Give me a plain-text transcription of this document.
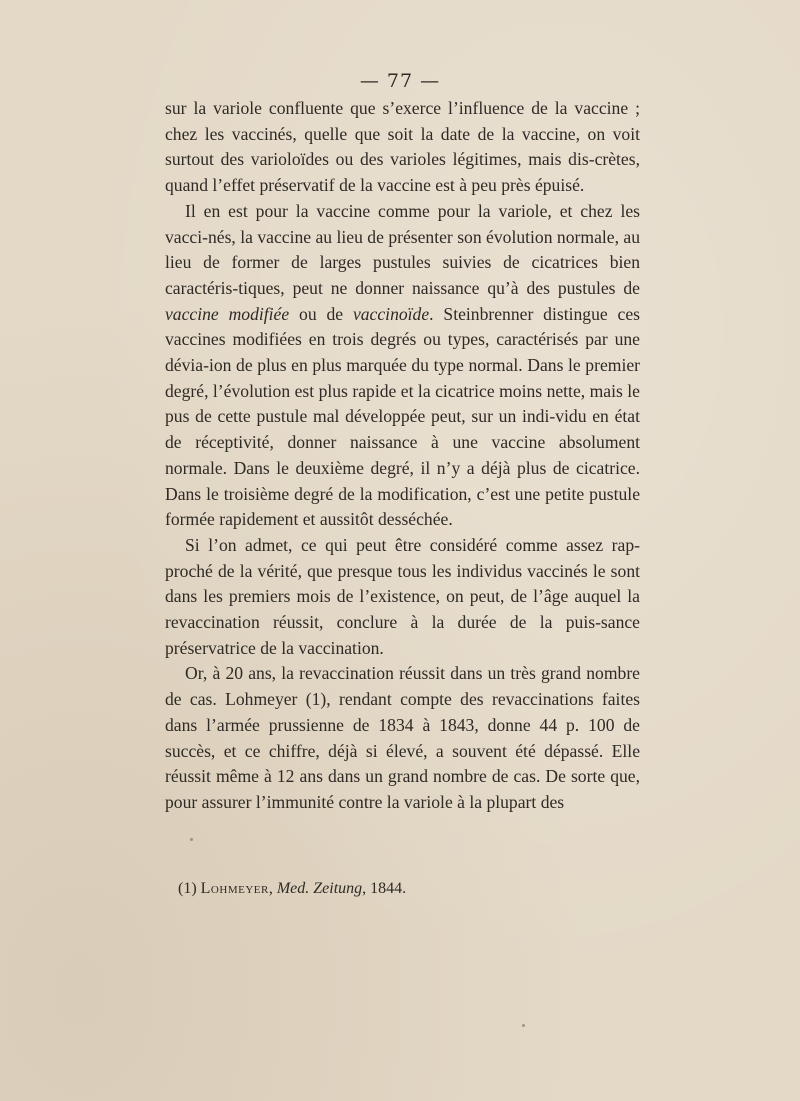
— 77 —

sur la variole confluente que s’exerce l’influence de la vaccine ; chez les vaccinés, quelle que soit la date de la vaccine, on voit surtout des varioloïdes ou des varioles légitimes, mais dis-crètes, quand l’effet préservatif de la vaccine est à peu près épuisé.

Il en est pour la vaccine comme pour la variole, et chez les vacci-nés, la vaccine au lieu de présenter son évolution normale, au lieu de former de larges pustules suivies de cicatrices bien caractéris-tiques, peut ne donner naissance qu’à des pustules de vaccine modifiée ou de vaccinoïde. Steinbrenner distingue ces vaccines modifiées en trois degrés ou types, caractérisés par une dévia-ion de plus en plus marquée du type normal. Dans le premier degré, l’évolution est plus rapide et la cicatrice moins nette, mais le pus de cette pustule mal développée peut, sur un indi-vidu en état de réceptivité, donner naissance à une vaccine absolument normale. Dans le deuxième degré, il n’y a déjà plus de cicatrice. Dans le troisième degré de la modification, c’est une petite pustule formée rapidement et aussitôt desséchée.

Si l’on admet, ce qui peut être considéré comme assez rap-proché de la vérité, que presque tous les individus vaccinés le sont dans les premiers mois de l’existence, on peut, de l’âge auquel la revaccination réussit, conclure à la durée de la puis-sance préservatrice de la vaccination.

Or, à 20 ans, la revaccination réussit dans un très grand nombre de cas. Lohmeyer (1), rendant compte des revaccinations faites dans l’armée prussienne de 1834 à 1843, donne 44 p. 100 de succès, et ce chiffre, déjà si élevé, a souvent été dépassé. Elle réussit même à 12 ans dans un grand nombre de cas. De sorte que, pour assurer l’immunité contre la variole à la plupart des

(1) Lohmeyer, Med. Zeitung, 1844.
